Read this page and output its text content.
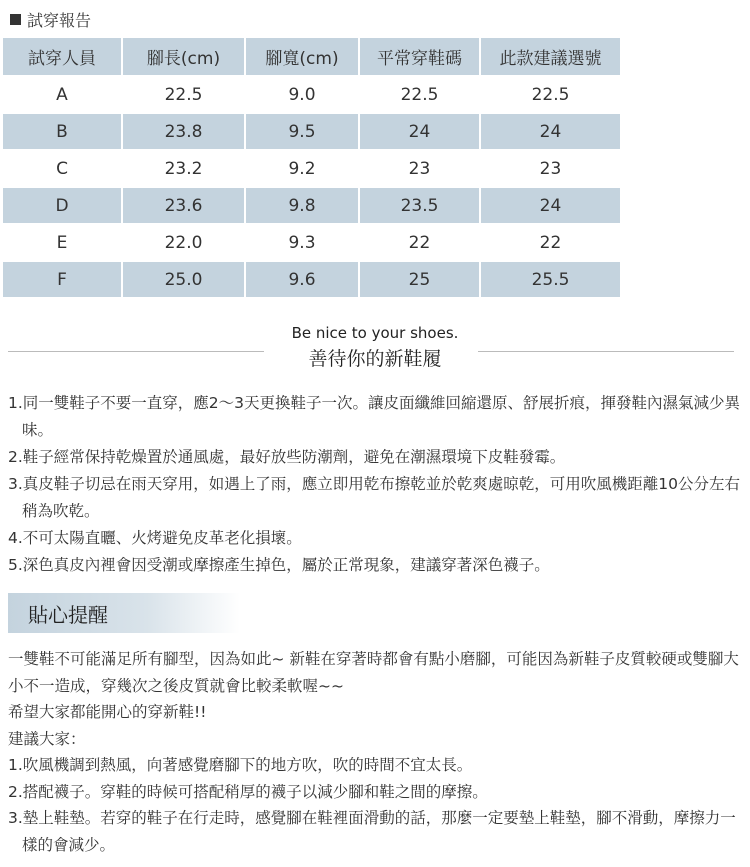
試穿報告
試穿人員	腳長(cm)	腳寬(cm)	平常穿鞋碼	此款建議選號
A	22.5	9.0	22.5	22.5
B	23.8	9.5	24	24
C	23.2	9.2	23	23
D	23.6	9.8	23.5	24
E	22.0	9.3	22	22
F	25.0	9.6	25	25.5
Be nice to your shoes.
善待你的新鞋履
1.同一雙鞋子不要一直穿，應2～3天更換鞋子一次。讓皮面纖維回縮還原、舒展折痕，揮發鞋內濕氣減少異味。
2.鞋子經常保持乾燥置於通風處，最好放些防潮劑，避免在潮濕環境下皮鞋發霉。
3.真皮鞋子切忌在雨天穿用，如遇上了雨，應立即用乾布擦乾並於乾爽處晾乾，可用吹風機距離10公分左右稍為吹乾。
4.不可太陽直曬、火烤避免皮革老化損壞。
5.深色真皮內裡會因受潮或摩擦產生掉色，屬於正常現象，建議穿著深色襪子。
貼心提醒

一雙鞋不可能滿足所有腳型，因為如此~ 新鞋在穿著時都會有點小磨腳，可能因為新鞋子皮質較硬或雙腳大小不一造成，穿幾次之後皮質就會比較柔軟喔~~

希望大家都能開心的穿新鞋!!

建議大家：

1.吹風機調到熱風，向著感覺磨腳下的地方吹，吹的時間不宜太長。
2.搭配襪子。穿鞋的時候可搭配稍厚的襪子以減少腳和鞋之間的摩擦。
3.墊上鞋墊。若穿的鞋子在行走時，感覺腳在鞋裡面滑動的話，那麼一定要墊上鞋墊，腳不滑動，摩擦力一樣的會減少。
